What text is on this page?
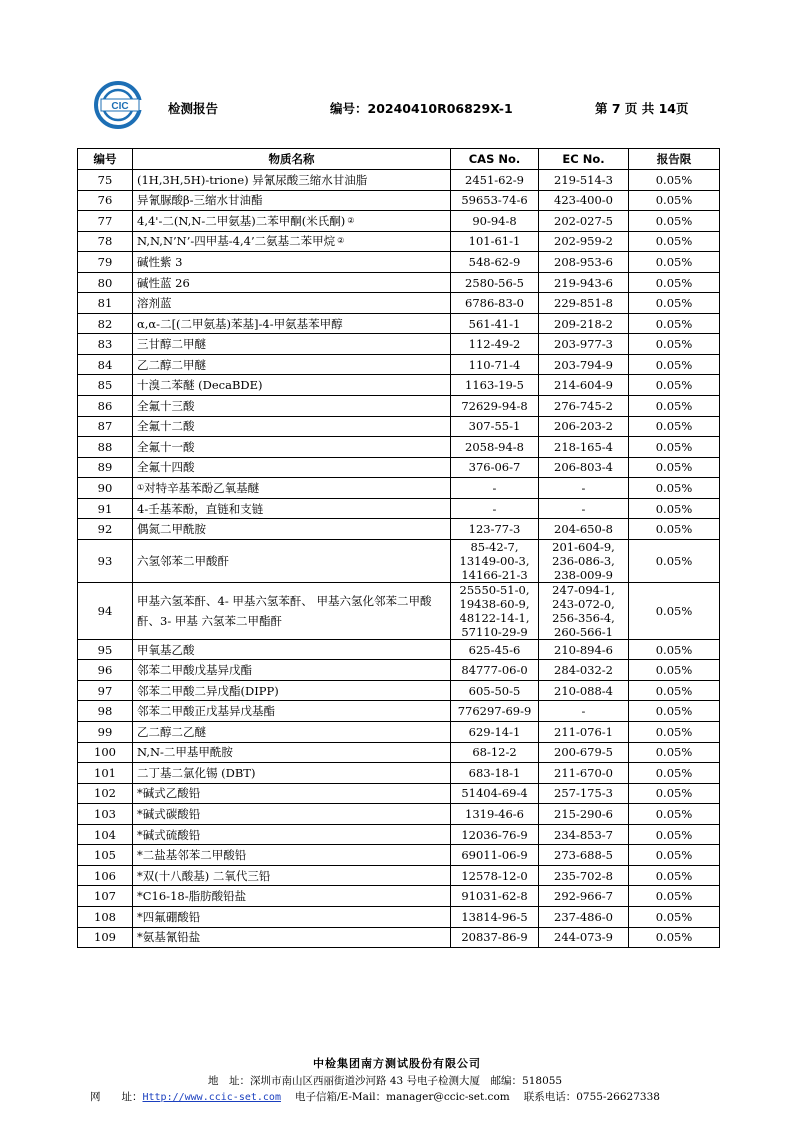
CIC	检测报告	编号：20240410R06829X-1	第 7 页 共 14页
编号	物质名称	CAS No.	EC No.	报告限
75	(1H,3H,5H)-trione) 异氰尿酸三缩水甘油脂	2451-62-9	219-514-3	0.05%
76	异氰脲酸β-三缩水甘油酯	59653-74-6	423-400-0	0.05%
77	4,4'-二(N,N-二甲氨基)二苯甲酮(米氏酮) ②	90-94-8	202-027-5	0.05%
78	N,N,N’N’-四甲基-4,4’二氨基二苯甲烷 ②	101-61-1	202-959-2	0.05%
79	碱性紫 3	548-62-9	208-953-6	0.05%
80	碱性蓝 26	2580-56-5	219-943-6	0.05%
81	溶剂蓝	6786-83-0	229-851-8	0.05%
82	α,α-二[(二甲氨基)苯基]-4-甲氨基苯甲醇	561-41-1	209-218-2	0.05%
83	三甘醇二甲醚	112-49-2	203-977-3	0.05%
84	乙二醇二甲醚	110-71-4	203-794-9	0.05%
85	十溴二苯醚 (DecaBDE)	1163-19-5	214-604-9	0.05%
86	全氟十三酸	72629-94-8	276-745-2	0.05%
87	全氟十二酸	307-55-1	206-203-2	0.05%
88	全氟十一酸	2058-94-8	218-165-4	0.05%
89	全氟十四酸	376-06-7	206-803-4	0.05%
90	①对特辛基苯酚乙氧基醚	-	-	0.05%
91	4-壬基苯酚，直链和支链	-	-	0.05%
92	偶氮二甲酰胺	123-77-3	204-650-8	0.05%
93	六氢邻苯二甲酸酐	85-42-7,
13149-00-3,
14166-21-3	201-604-9,
236-086-3,
238-009-9	0.05%
94	甲基六氢苯酐、4- 甲基六氢苯酐、 甲基六氢化邻苯二甲酸酐、3- 甲基 六氢苯二甲酯酐	25550-51-0,
19438-60-9,
48122-14-1,
57110-29-9	247-094-1,
243-072-0,
256-356-4,
260-566-1	0.05%
95	甲氧基乙酸	625-45-6	210-894-6	0.05%
96	邻苯二甲酸戊基异戊酯	84777-06-0	284-032-2	0.05%
97	邻苯二甲酸二异戊酯(DIPP)	605-50-5	210-088-4	0.05%
98	邻苯二甲酸正戊基异戊基酯	776297-69-9	-	0.05%
99	乙二醇二乙醚	629-14-1	211-076-1	0.05%
100	N,N-二甲基甲酰胺	68-12-2	200-679-5	0.05%
101	二丁基二氯化锡 (DBT)	683-18-1	211-670-0	0.05%
102	*碱式乙酸铅	51404-69-4	257-175-3	0.05%
103	*碱式碳酸铅	1319-46-6	215-290-6	0.05%
104	*碱式硫酸铅	12036-76-9	234-853-7	0.05%
105	*二盐基邻苯二甲酸铅	69011-06-9	273-688-5	0.05%
106	*双(十八酸基) 二氧代三铅	12578-12-0	235-702-8	0.05%
107	*C16-18-脂肪酸铅盐	91031-62-8	292-966-7	0.05%
108	*四氟硼酸铅	13814-96-5	237-486-0	0.05%
109	*氨基氰铅盐	20837-86-9	244-073-9	0.05%
中检集团南方测试股份有限公司
地　址：深圳市南山区西丽街道沙河路 43 号电子检测大厦　邮编：518055
网　　址：Http://www.ccic-set.com 电子信箱/E-Mail：manager@ccic-set.com 联系电话：0755-26627338
